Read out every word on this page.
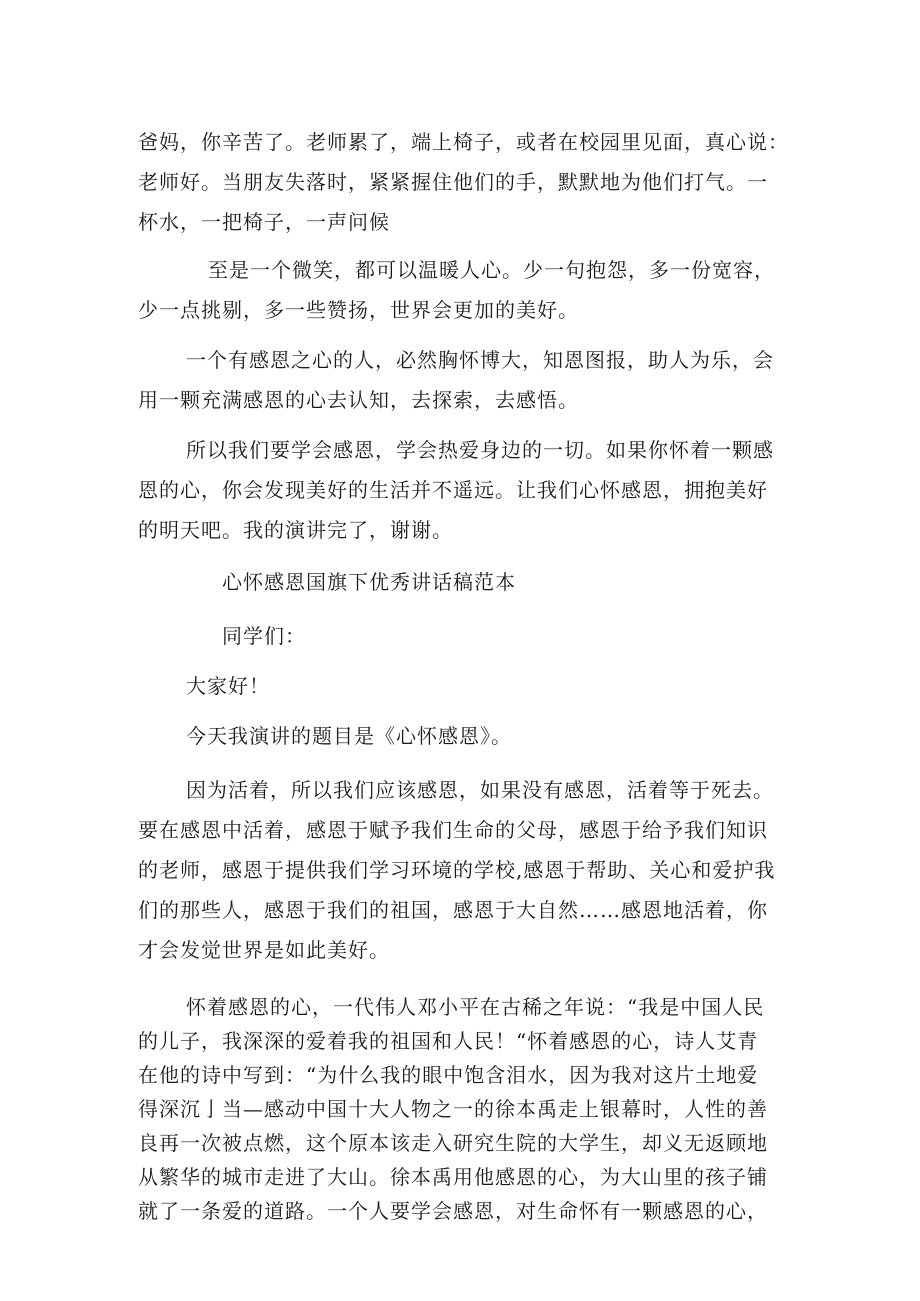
爸妈，你辛苦了。老师累了，端上椅子，或者在校园里见面，真心说：
老师好。当朋友失落时，紧紧握住他们的手，默默地为他们打气。一
杯水，一把椅子，一声问候
至是一个微笑，都可以温暖人心。少一句抱怨，多一份宽容，
少一点挑剔，多一些赞扬，世界会更加的美好。
一个有感恩之心的人，必然胸怀博大，知恩图报，助人为乐，会
用一颗充满感恩的心去认知，去探索，去感悟。
所以我们要学会感恩，学会热爱身边的一切。如果你怀着一颗感
恩的心，你会发现美好的生活并不遥远。让我们心怀感恩，拥抱美好
的明天吧。我的演讲完了，谢谢。
心怀感恩国旗下优秀讲话稿范本
同学们：
大家好！
今天我演讲的题目是《心怀感恩》。
因为活着，所以我们应该感恩，如果没有感恩，活着等于死去。
要在感恩中活着，感恩于赋予我们生命的父母，感恩于给予我们知识
的老师，感恩于提供我们学习环境的学校,感恩于帮助、关心和爱护我
们的那些人，感恩于我们的祖国，感恩于大自然……感恩地活着，你
才会发觉世界是如此美好。
怀着感恩的心，一代伟人邓小平在古稀之年说：“我是中国人民
的儿子，我深深的爱着我的祖国和人民！“怀着感恩的心，诗人艾青
在他的诗中写到：“为什么我的眼中饱含泪水，因为我对这片土地爱
得深沉亅当—感动中国十大人物之一的徐本禹走上银幕时，人性的善
良再一次被点燃，这个原本该走入研究生院的大学生，却义无返顾地
从繁华的城市走进了大山。徐本禹用他感恩的心，为大山里的孩子铺
就了一条爱的道路。一个人要学会感恩，对生命怀有一颗感恩的心，
